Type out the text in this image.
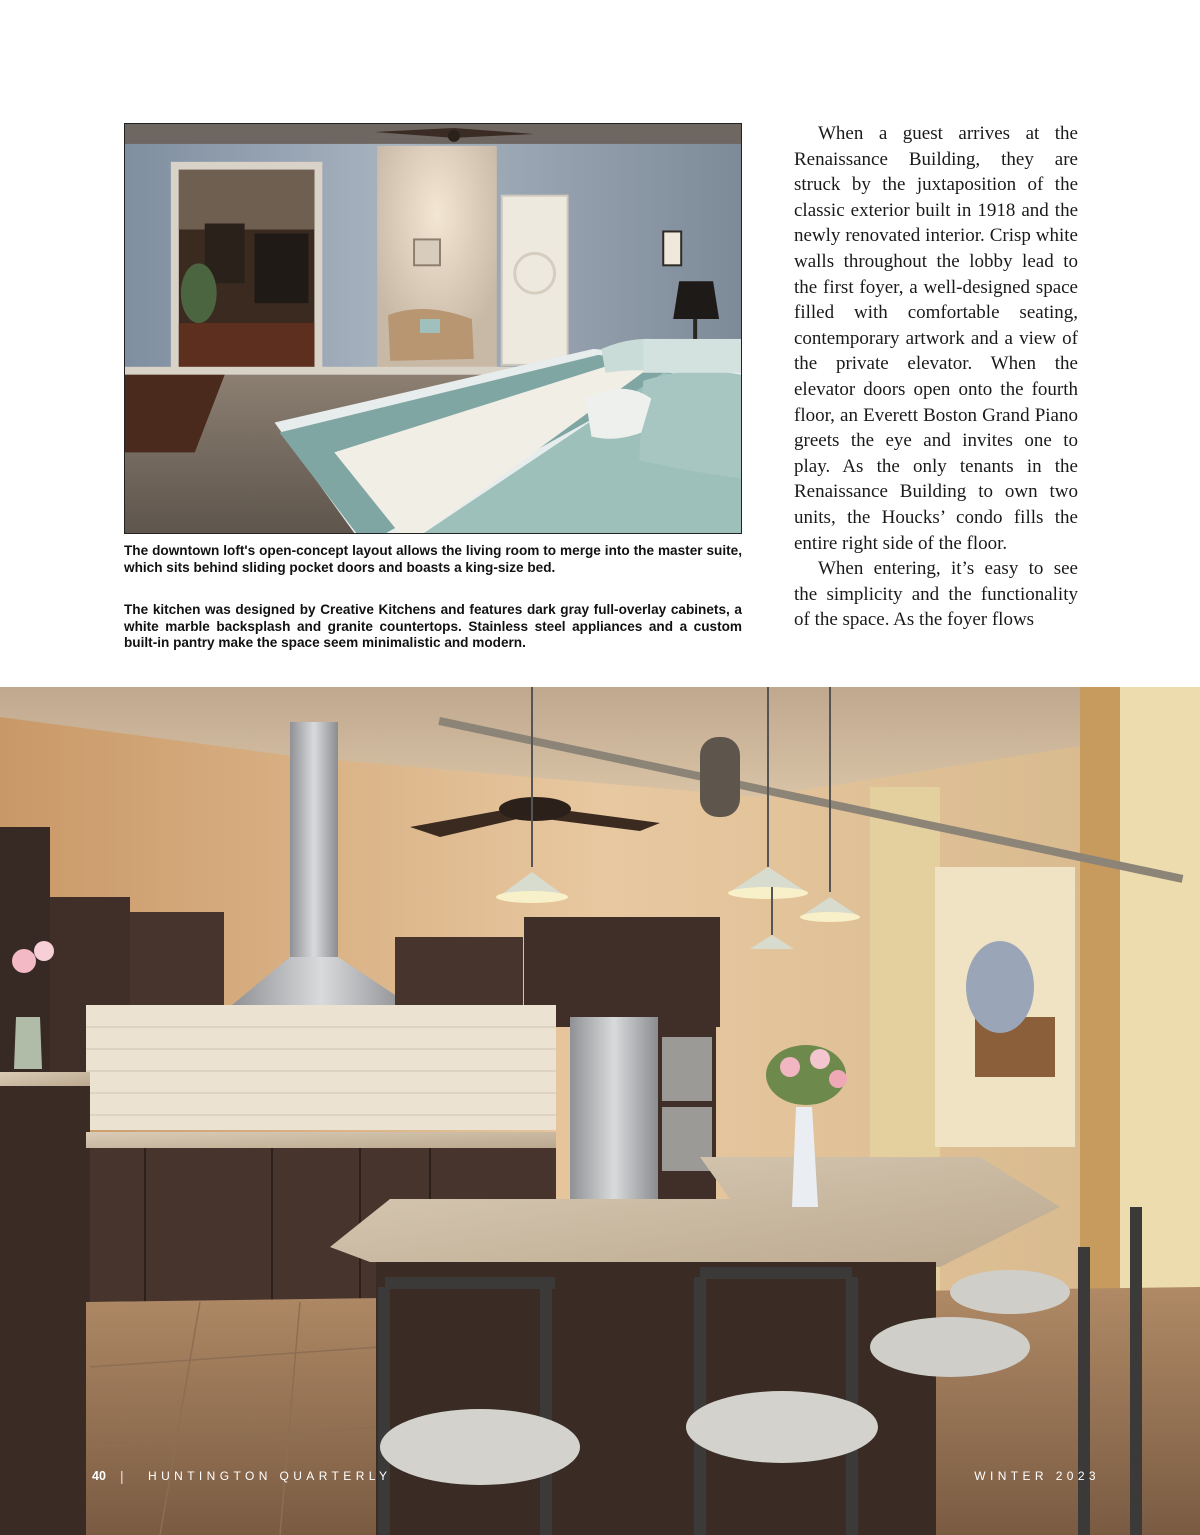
The downtown loft's open-concept layout allows the living room to merge into the master suite, which sits behind sliding pocket doors and boasts a king-size bed.

The kitchen was designed by Creative Kitchens and features dark gray full-overlay cabinets, a white marble backsplash and granite countertops. Stainless steel appliances and a custom built-in pantry make the space seem minimalistic and modern.

When a guest arrives at the Renaissance Building, they are struck by the juxtaposition of the classic exterior built in 1918 and the newly renovated interior. Crisp white walls throughout the lobby lead to the first foyer, a well-designed space filled with comfortable seating, contemporary artwork and a view of the private elevator. When the elevator doors open onto the fourth floor, an Everett Boston Grand Piano greets the eye and invites one to play. As the only tenants in the Renaissance Building to own two units, the Houcks’ condo fills the entire right side of the floor.

When entering, it’s easy to see the simplicity and the functionality of the space. As the foyer flows

40 | HUNTINGTON QUARTERLY	WINTER 2023
